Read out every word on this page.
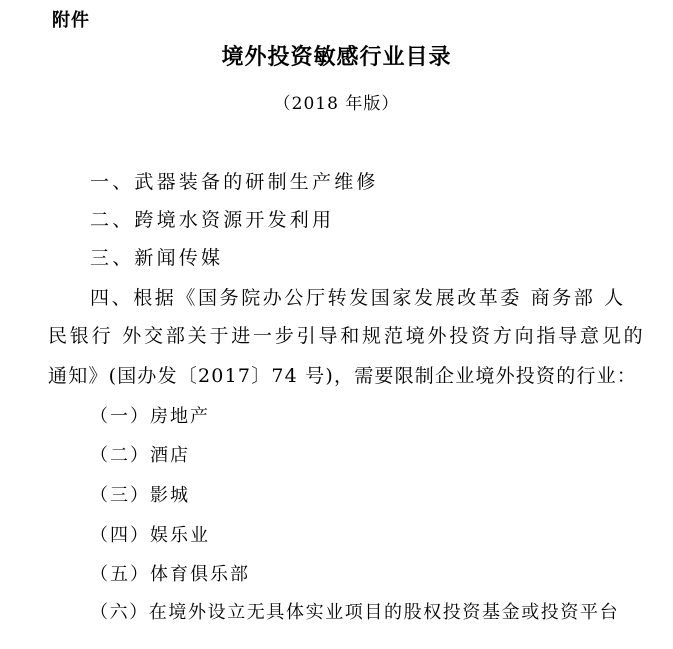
附件
境外投资敏感行业目录
（2018 年版）
一、武器装备的研制生产维修
二、跨境水资源开发利用
三、新闻传媒
四、根据《国务院办公厅转发国家发展改革委 商务部 人
民银行 外交部关于进一步引导和规范境外投资方向指导意见的
通知》(国办发〔2017〕74 号)，需要限制企业境外投资的行业：
（一）房地产
（二）酒店
（三）影城
（四）娱乐业
（五）体育俱乐部
（六）在境外设立无具体实业项目的股权投资基金或投资平台
